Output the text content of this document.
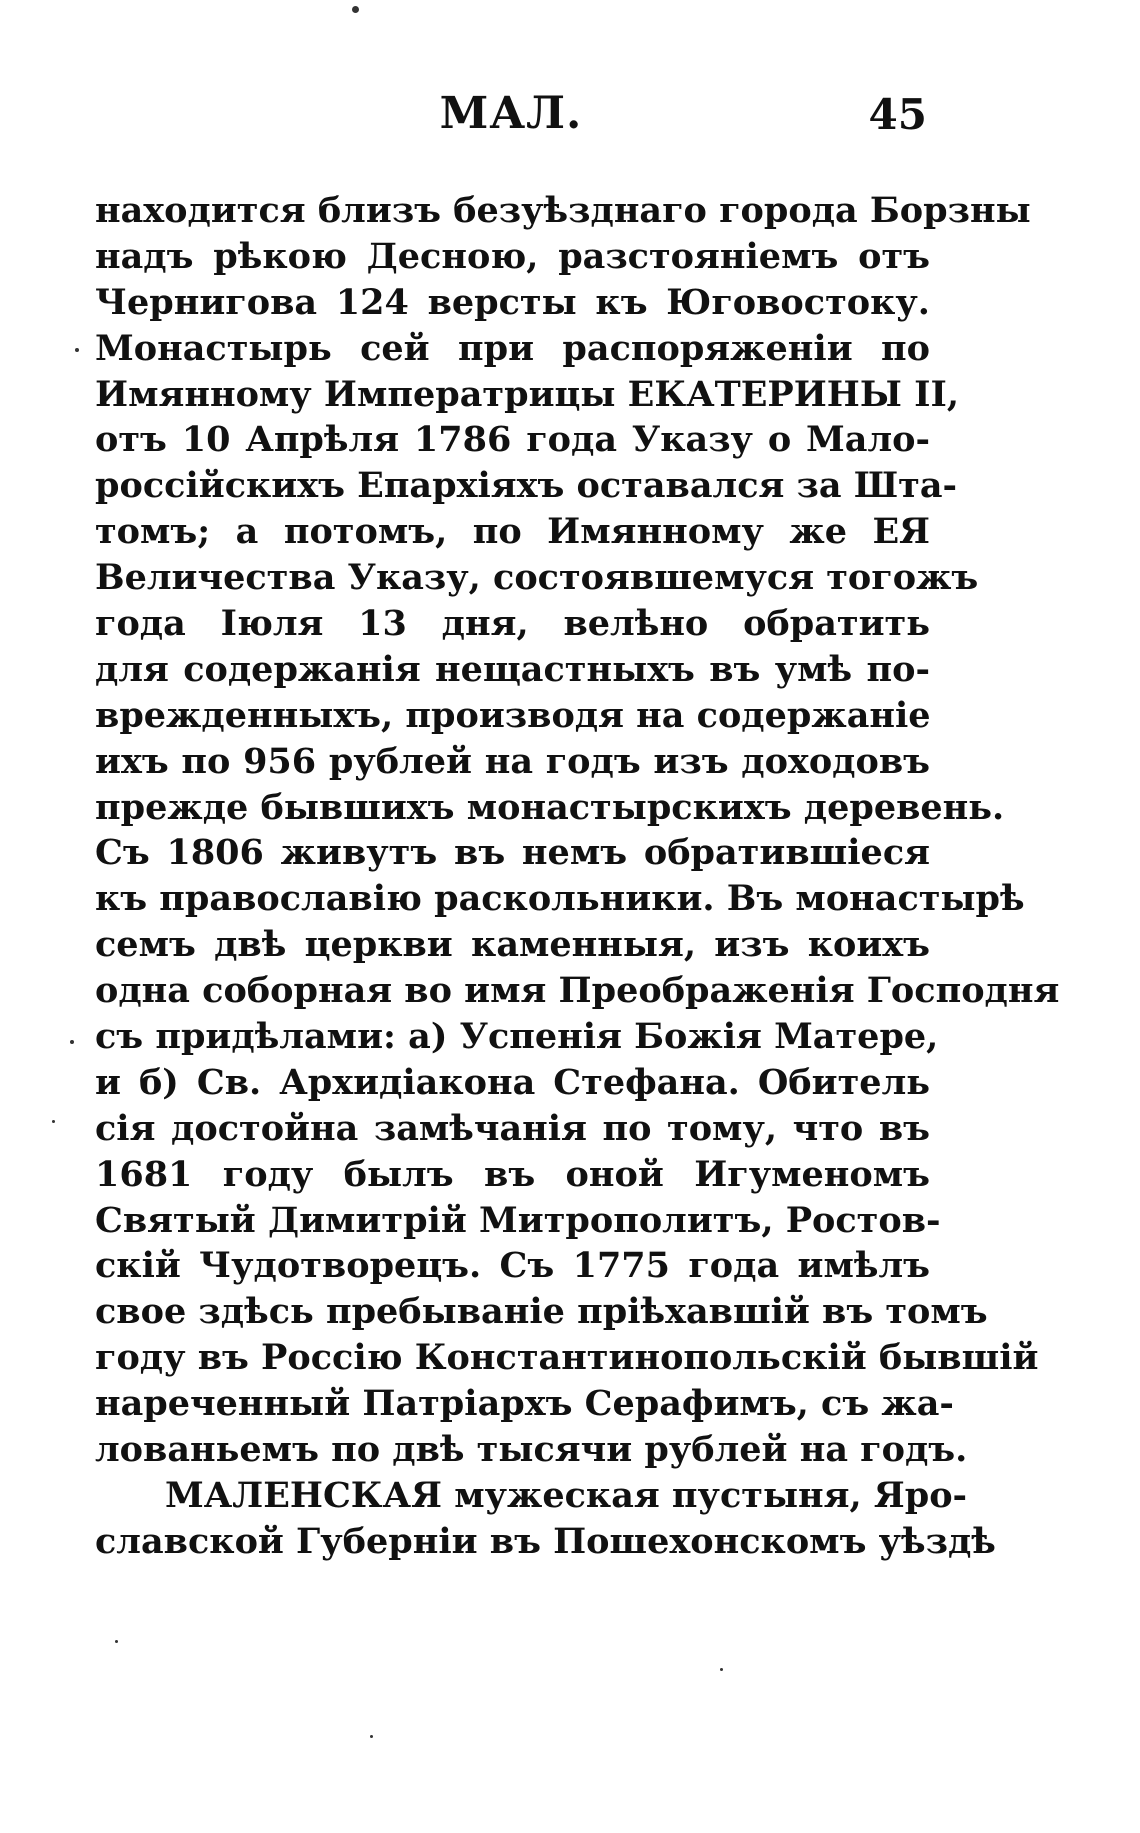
МАЛ.	45
находится близъ безуѣзднаго города Борзны
надъ рѣкою Десною, разстояніемъ отъ
Чернигова 124 версты къ Юговостоку.
Монастырь сей при распоряженіи по
Имянному Императрицы ЕКАТЕРИНЫ II,
отъ 10 Апрѣля 1786 года Указу о Мало-
россійскихъ Епархіяхъ оставался за Шта-
томъ; а потомъ, по Имянному же ЕЯ
Величества Указу, состоявшемуся тогожъ
года Іюля 13 дня, велѣно обратить
для содержанія нещастныхъ въ умѣ по-
врежденныхъ, производя на содержаніе
ихъ по 956 рублей на годъ изъ доходовъ
прежде бывшихъ монастырскихъ деревень.
Съ 1806 живутъ въ немъ обратившіеся
къ православію раскольники. Въ монастырѣ
семъ двѣ церкви каменныя, изъ коихъ
одна соборная во имя Преображенія Господня
съ придѣлами: а) Успенія Божія Матере,
и б) Св. Архидіакона Стефана. Обитель
сія достойна замѣчанія по тому, что въ
1681 году былъ въ оной Игуменомъ
Святый Димитрій Митрополитъ, Ростов-
скій Чудотворецъ. Съ 1775 года имѣлъ
свое здѣсь пребываніе пріѣхавшій въ томъ
году въ Россію Константинопольскій бывшій
нареченный Патріархъ Серафимъ, съ жа-
лованьемъ по двѣ тысячи рублей на годъ.
МАЛЕНСКАЯ мужеская пустыня, Яро-
славской Губерніи въ Пошехонскомъ уѣздѣ
